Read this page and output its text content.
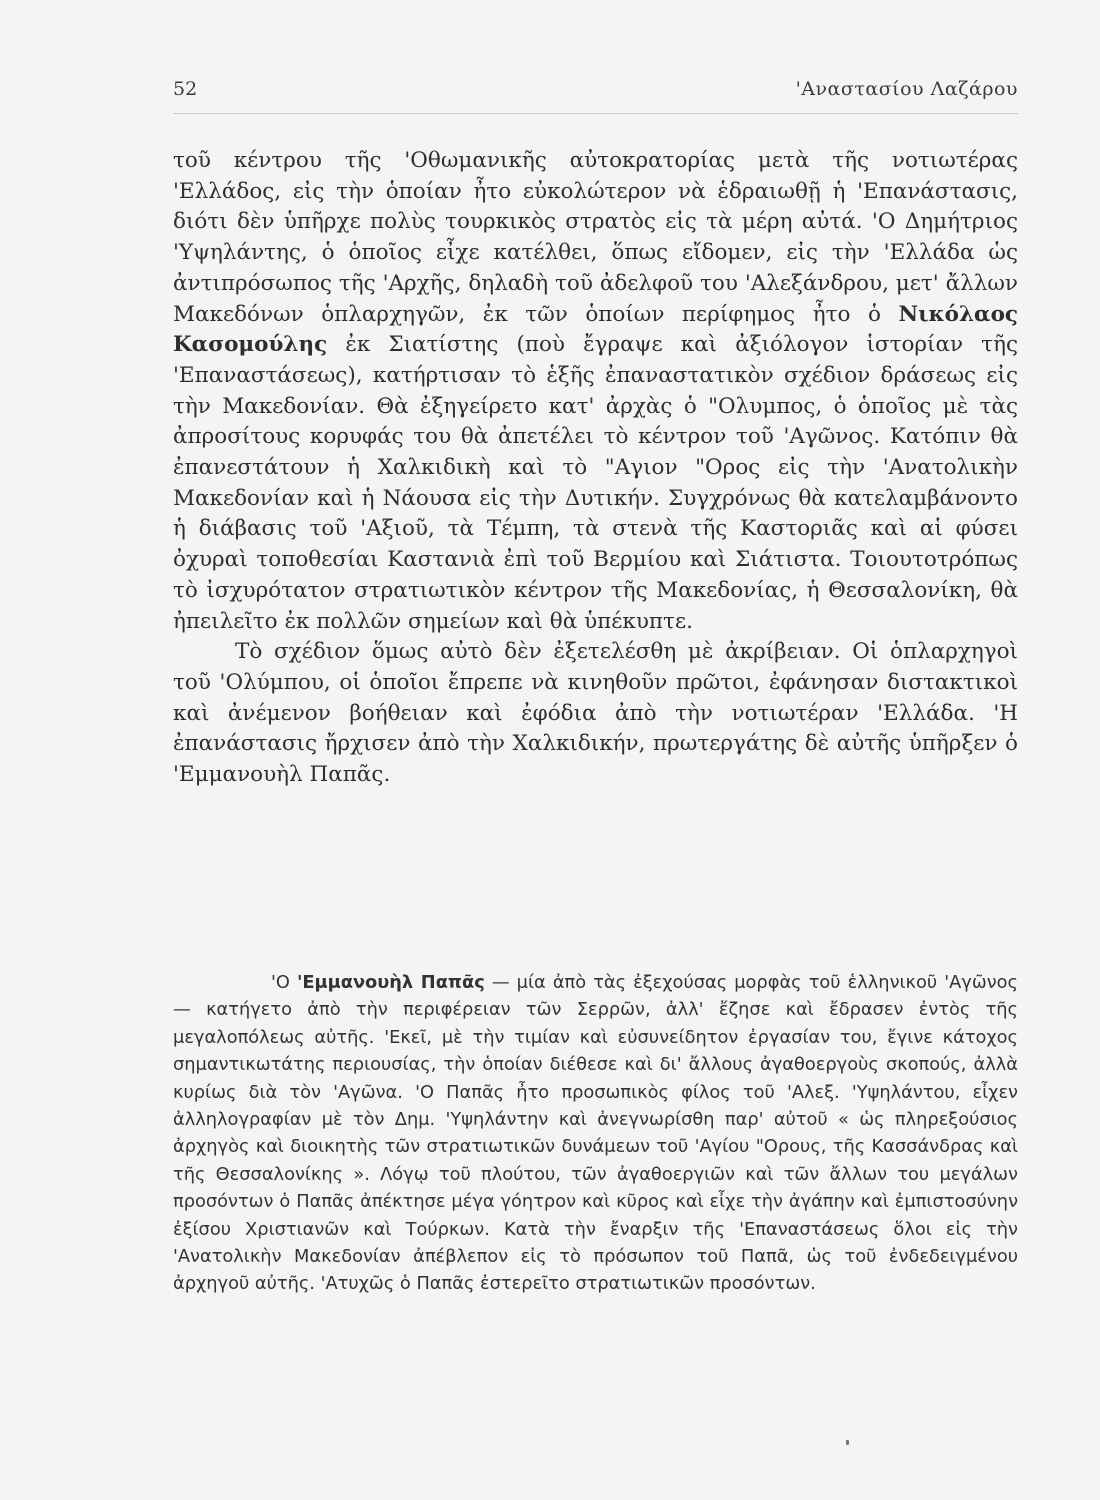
52	'Αναστασίου Λαζάρου

τοῦ κέντρου τῆς 'Οθωμανικῆς αὐτοκρατορίας μετὰ τῆς νοτιωτέρας 'Ελλάδος, εἰς τὴν ὁποίαν ἦτο εὐκολώτερον νὰ ἑδραιωθῇ ἡ 'Επανάστασις, διότι δὲν ὑπῆρχε πολὺς τουρκικὸς στρατὸς εἰς τὰ μέρη αὐτά. 'Ο Δημήτριος 'Υψηλάντης, ὁ ὁποῖος εἶχε κατέλθει, ὅπως εἴδομεν, εἰς τὴν 'Ελλάδα ὡς ἀντιπρόσωπος τῆς 'Αρχῆς, δηλαδὴ τοῦ ἀδελφοῦ του 'Αλεξάνδρου, μετ' ἄλλων Μακεδόνων ὁπλαρχηγῶν, ἐκ τῶν ὁποίων περίφημος ἦτο ὁ Νικόλαος Κασομούλης ἐκ Σιατίστης (ποὺ ἔγραψε καὶ ἀξιόλογον ἱστορίαν τῆς 'Επαναστάσεως), κατήρτισαν τὸ ἑξῆς ἐπαναστατικὸν σχέδιον δράσεως εἰς τὴν Μακεδονίαν. Θὰ ἐξηγείρετο κατ' ἀρχὰς ὁ "Ολυμπος, ὁ ὁποῖος μὲ τὰς ἀπροσίτους κορυφάς του θὰ ἀπετέλει τὸ κέντρον τοῦ 'Αγῶνος. Κατόπιν θὰ ἐπανεστάτουν ἡ Χαλκιδικὴ καὶ τὸ "Αγιον "Ορος εἰς τὴν 'Ανατολικὴν Μακεδονίαν καὶ ἡ Νάουσα εἰς τὴν Δυτικήν. Συγχρόνως θὰ κατελαμβάνοντο ἡ διάβασις τοῦ 'Αξιοῦ, τὰ Τέμπη, τὰ στενὰ τῆς Καστοριᾶς καὶ αἱ φύσει ὀχυραὶ τοποθεσίαι Καστανιὰ ἐπὶ τοῦ Βερμίου καὶ Σιάτιστα. Τοιουτοτρόπως τὸ ἰσχυρότατον στρατιωτικὸν κέντρον τῆς Μακεδονίας, ἡ Θεσσαλονίκη, θὰ ἠπειλεῖτο ἐκ πολλῶν σημείων καὶ θὰ ὑπέκυπτε.

Τὸ σχέδιον ὅμως αὐτὸ δὲν ἐξετελέσθη μὲ ἀκρίβειαν. Οἱ ὁπλαρχηγοὶ τοῦ 'Ολύμπου, οἱ ὁποῖοι ἔπρεπε νὰ κινηθοῦν πρῶτοι, ἐφάνησαν διστακτικοὶ καὶ ἀνέμενον βοήθειαν καὶ ἐφόδια ἀπὸ τὴν νοτιωτέραν 'Ελλάδα. 'Η ἐπανάστασις ἤρχισεν ἀπὸ τὴν Χαλκιδικήν, πρωτεργάτης δὲ αὐτῆς ὑπῆρξεν ὁ 'Εμμανουὴλ Παπᾶς.

'Ο 'Εμμανουὴλ Παπᾶς — μία ἀπὸ τὰς ἐξεχούσας μορφὰς τοῦ ἑλληνικοῦ 'Αγῶνος — κατήγετο ἀπὸ τὴν περιφέρειαν τῶν Σερρῶν, ἀλλ' ἔζησε καὶ ἔδρασεν ἐντὸς τῆς μεγαλοπόλεως αὐτῆς. 'Εκεῖ, μὲ τὴν τιμίαν καὶ εὐσυνείδητον ἐργασίαν του, ἔγινε κάτοχος σημαντικωτάτης περιουσίας, τὴν ὁποίαν διέθεσε καὶ δι' ἄλλους ἀγαθοεργοὺς σκοπούς, ἀλλὰ κυρίως διὰ τὸν 'Αγῶνα. 'Ο Παπᾶς ἦτο προσωπικὸς φίλος τοῦ 'Αλεξ. 'Υψηλάντου, εἶχεν ἀλληλογραφίαν μὲ τὸν Δημ. 'Υψηλάντην καὶ ἀνεγνωρίσθη παρ' αὐτοῦ « ὡς πληρεξούσιος ἀρχηγὸς καὶ διοικητὴς τῶν στρατιωτικῶν δυνάμεων τοῦ 'Αγίου "Ορους, τῆς Κασσάνδρας καὶ τῆς Θεσσαλονίκης ». Λόγῳ τοῦ πλούτου, τῶν ἀγαθοεργιῶν καὶ τῶν ἄλλων του μεγάλων προσόντων ὁ Παπᾶς ἀπέκτησε μέγα γόητρον καὶ κῦρος καὶ εἶχε τὴν ἀγάπην καὶ ἐμπιστοσύνην ἐξίσου Χριστιανῶν καὶ Τούρκων. Κατὰ τὴν ἔναρξιν τῆς 'Επαναστάσεως ὅλοι εἰς τὴν 'Ανατολικὴν Μακεδονίαν ἀπέβλεπον εἰς τὸ πρόσωπον τοῦ Παπᾶ, ὡς τοῦ ἐνδεδειγμένου ἀρχηγοῦ αὐτῆς. 'Ατυχῶς ὁ Παπᾶς ἐστερεῖτο στρατιωτικῶν προσόντων.
